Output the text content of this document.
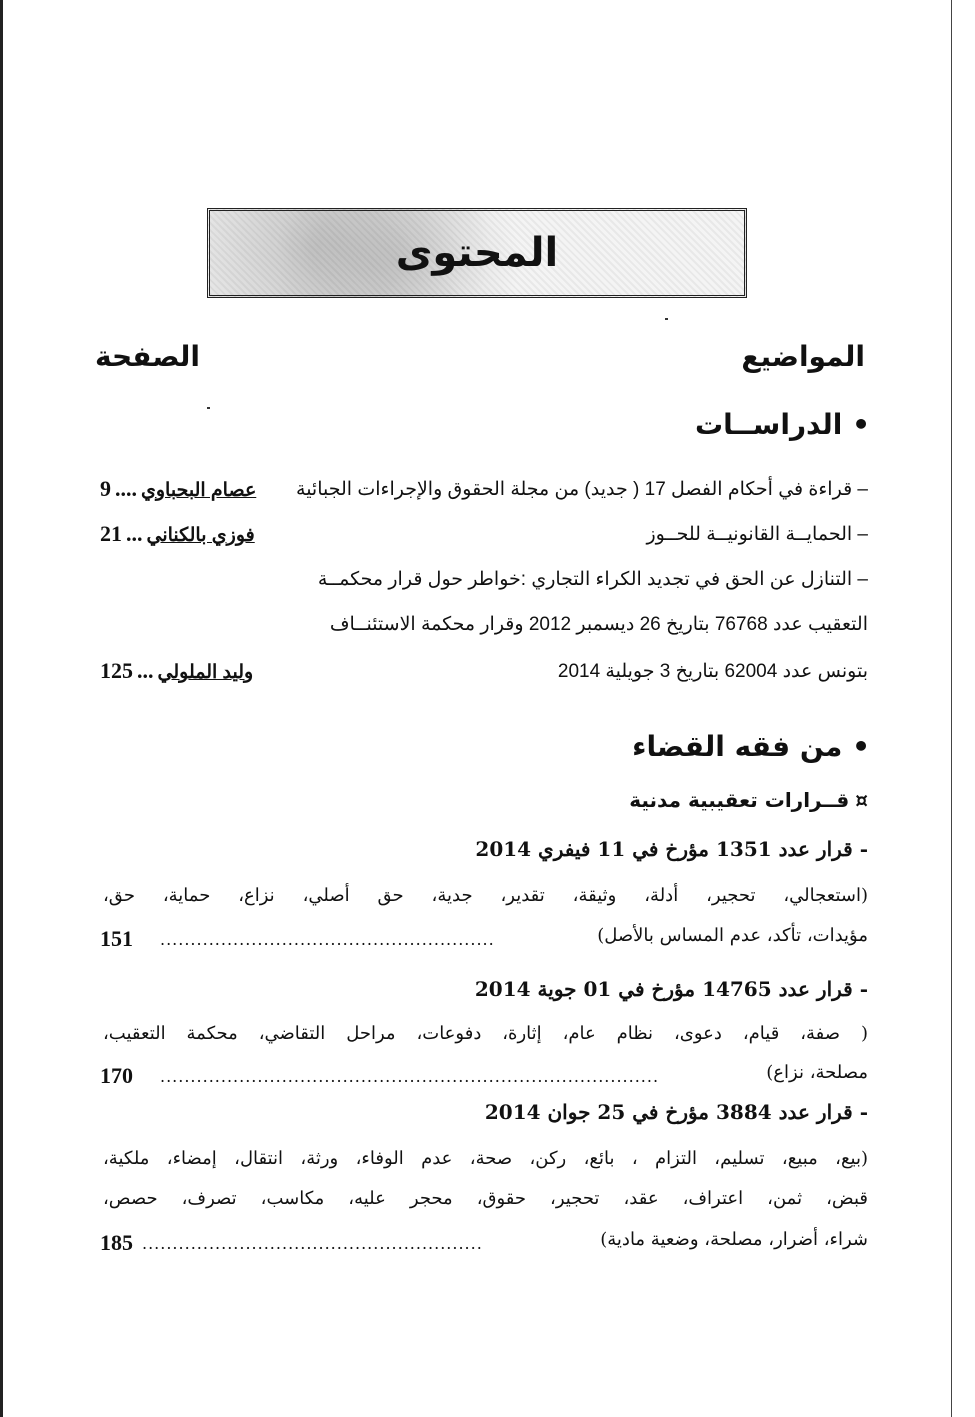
المحتوى
المواضيع
الصفحة
• الدراســات
– قراءة في أحكام الفصل 17 ( جديد) من مجلة الحقوق والإجراءات الجبائية
9 .... عصام البحباوي
– الحمايــة القانونيــة للحــوز
21 ... فوزي بالكناني
– التنازل عن الحق في تجديد الكراء التجاري :خواطر حول قرار محكمــة
التعقيب عدد 76768 بتاريخ 26 ديسمبر 2012 وقرار محكمة الاستئنــاف
بتونس عدد 62004 بتاريخ 3 جويلية 2014
125 ... وليد الملولي
• من فقه القضاء
¤
قــرارات تعقيبية مدنية
- قرار عدد 1351 مؤرخ في 11 فيفري 2014
(استعجالي، تحجير، أدلة، وثيقة، تقدير، جدية، حق أصلي، نزاع، حماية، حق،
مؤيدات، تأكد، عدم المساس بالأصل)
.......................................................
151
- قرار عدد 14765 مؤرخ في 01 جوية 2014
( صفة، قيام، دعوى، نظام عام، إثارة، دفوعات، مراحل التقاضي، محكمة التعقيب،
مصلحة، نزاع)
..................................................................................
170
- قرار عدد 3884 مؤرخ في 25 جوان 2014
(بيع، مبيع، تسليم، التزام ، بائع، ركن، صحة، عدم الوفاء، ورثة، انتقال، إمضاء، ملكية،
قبض، ثمن، اعتراف، عقد، تحجير، حقوق، محجر عليه، مكاسب، تصرف، حصص،
شراء، أضرار، مصلحة، وضعية مادية)
........................................................
185
